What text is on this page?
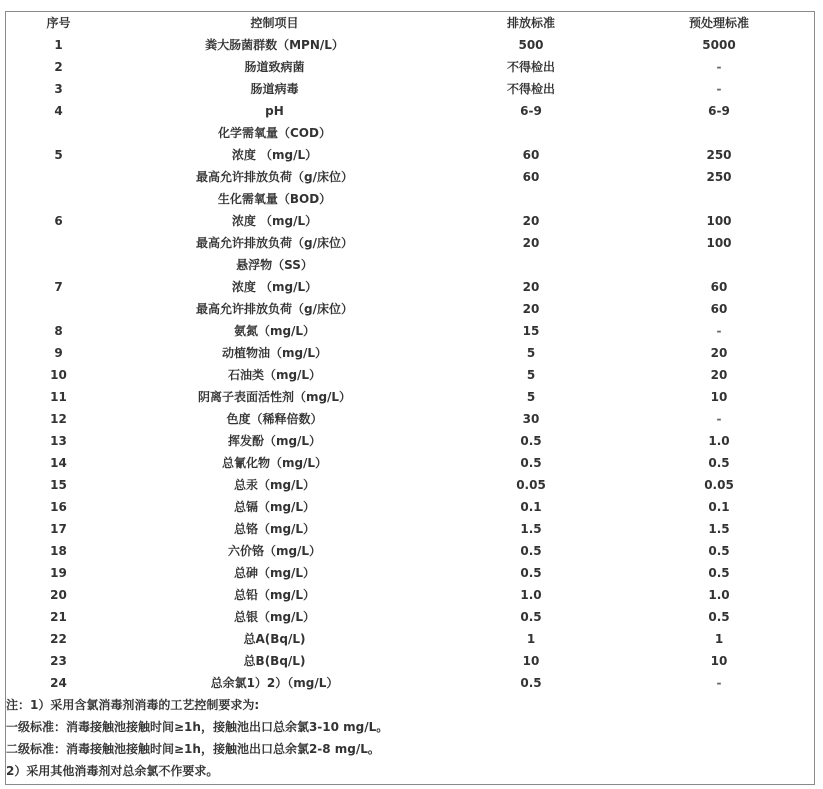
序号	控制项目	排放标准	预处理标准
1	粪大肠菌群数（MPN/L）	500	5000
2	肠道致病菌	不得检出	-
3	肠道病毒	不得检出	-
4	pH	6-9	6-9
5	化学需氧量（COD）		
	浓度 （mg/L）	60	250
	最高允许排放负荷（g/床位）	60	250
6	生化需氧量（BOD）		
	浓度 （mg/L）	20	100
	最高允许排放负荷（g/床位）	20	100
7	悬浮物（SS）		
	浓度 （mg/L）	20	60
	最高允许排放负荷（g/床位）	20	60
8	氨氮（mg/L）	15	-
9	动植物油（mg/L）	5	20
10	石油类（mg/L）	5	20
11	阴离子表面活性剂（mg/L）	5	10
12	色度（稀释倍数）	30	-
13	挥发酚（mg/L）	0.5	1.0
14	总氰化物（mg/L）	0.5	0.5
15	总汞（mg/L）	0.05	0.05
16	总镉（mg/L）	0.1	0.1
17	总铬（mg/L）	1.5	1.5
18	六价铬（mg/L）	0.5	0.5
19	总砷（mg/L）	0.5	0.5
20	总铅（mg/L）	1.0	1.0
21	总银（mg/L）	0.5	0.5
22	总A(Bq/L)	1	1
23	总B(Bq/L)	10	10
24	总余氯1）2）（mg/L）	0.5	-
注：1）采用含氯消毒剂消毒的工艺控制要求为:			
一级标准：消毒接触池接触时间≥1h，接触池出口总余氯3-10 mg/L。			
二级标准：消毒接触池接触时间≥1h，接触池出口总余氯2-8 mg/L。			
2）采用其他消毒剂对总余氯不作要求。			
